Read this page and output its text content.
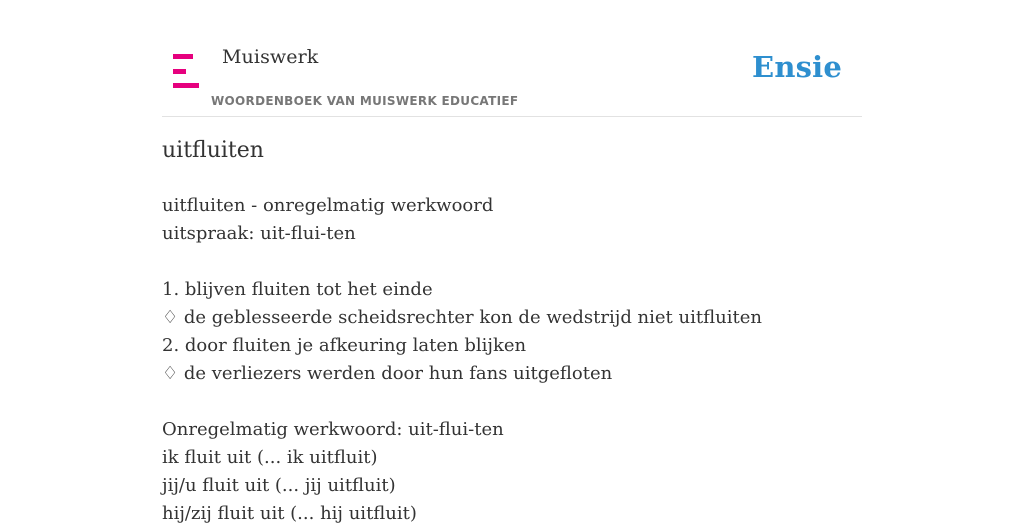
Muiswerk
WOORDENBOEK VAN MUISWERK EDUCATIEF
Ensie
uitfluiten
uitfluiten - onregelmatig werkwoord
uitspraak: uit-flui-ten
1. blijven fluiten tot het einde
♢ de geblesseerde scheidsrechter kon de wedstrijd niet uitfluiten
2. door fluiten je afkeuring laten blijken
♢ de verliezers werden door hun fans uitgefloten
Onregelmatig werkwoord: uit-flui-ten
ik fluit uit (... ik uitfluit)
jij/u fluit uit (... jij uitfluit)
hij/zij fluit uit (... hij uitfluit)
